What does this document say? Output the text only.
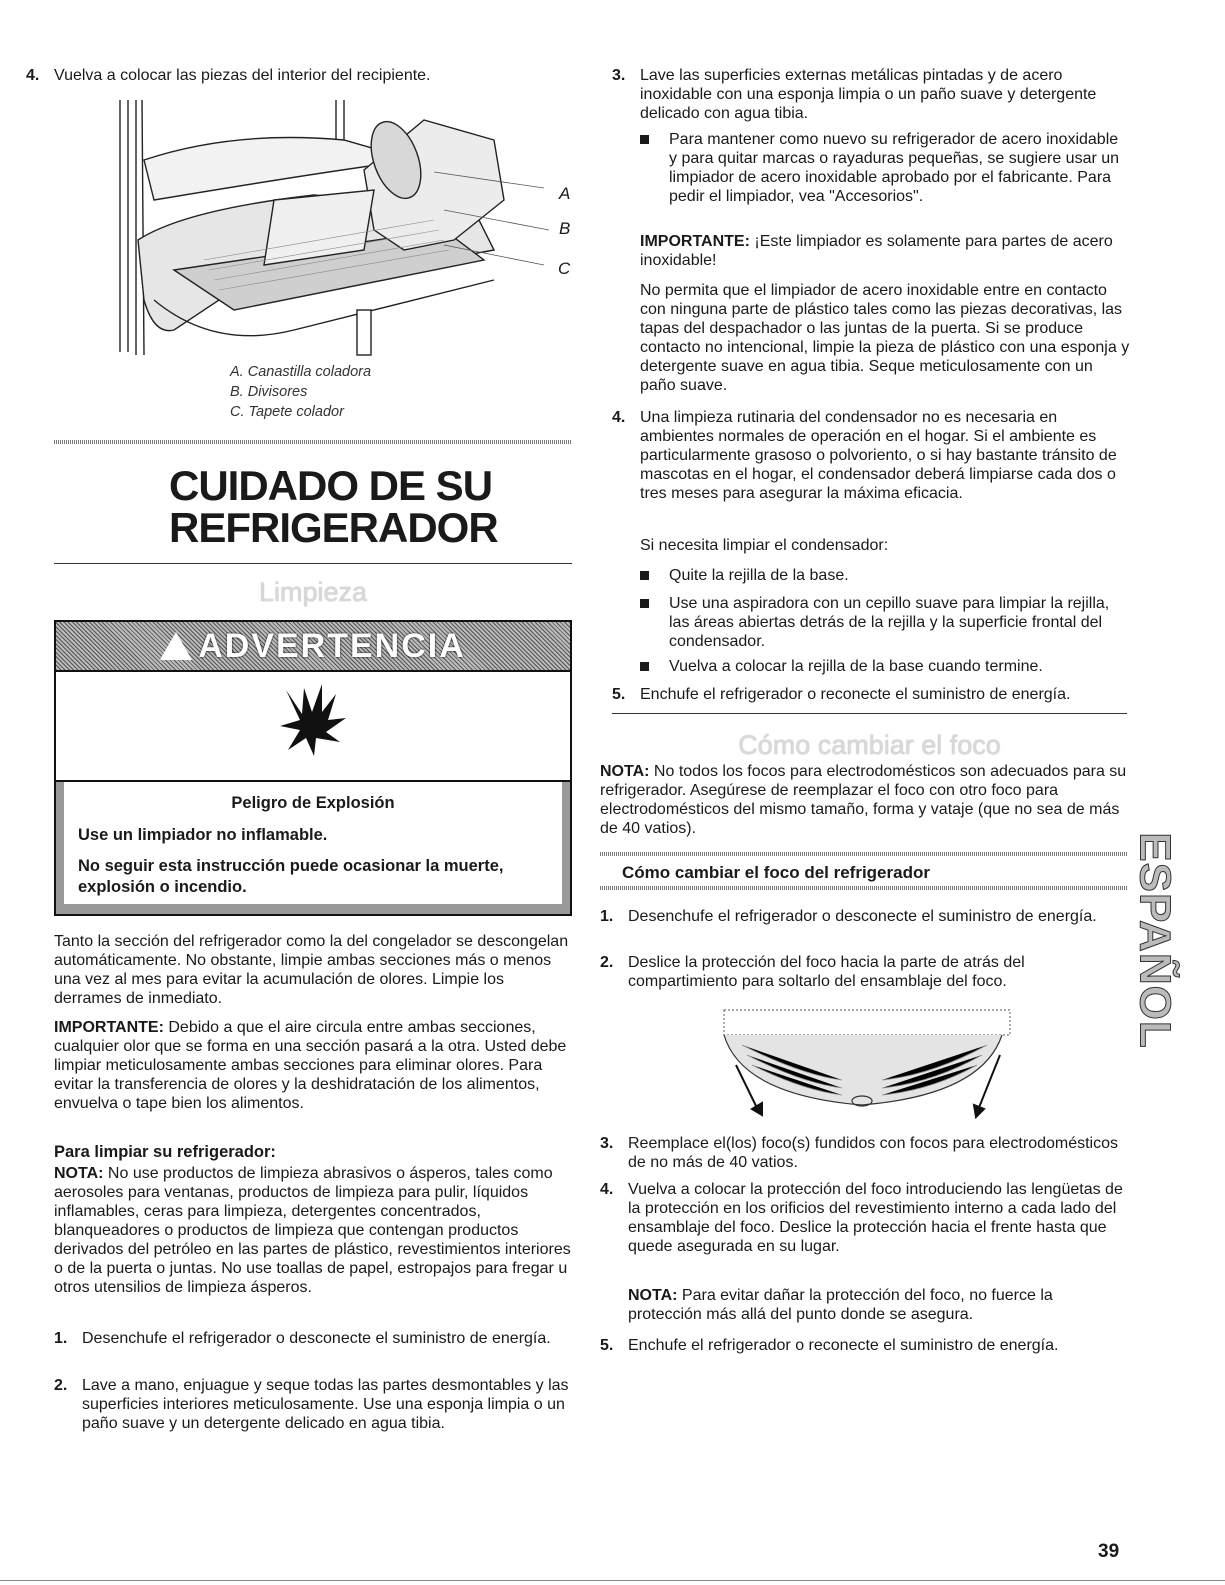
4. Vuelva a colocar las piezas del interior del recipiente.
A
B
C
A. Canastilla coladora
B. Divisores
C. Tapete colador
CUIDADO DE SU
REFRIGERADOR
Limpieza
ADVERTENCIA
Peligro de Explosión
Use un limpiador no inflamable.
No seguir esta instrucción puede ocasionar la muerte, explosión o incendio.

Tanto la sección del refrigerador como la del congelador se descongelan automáticamente. No obstante, limpie ambas secciones más o menos una vez al mes para evitar la acumulación de olores. Limpie los derrames de inmediato.

IMPORTANTE: Debido a que el aire circula entre ambas secciones, cualquier olor que se forma en una sección pasará a la otra. Usted debe limpiar meticulosamente ambas secciones para eliminar olores. Para evitar la transferencia de olores y la deshidratación de los alimentos, envuelva o tape bien los alimentos.

Para limpiar su refrigerador:

NOTA: No use productos de limpieza abrasivos o ásperos, tales como aerosoles para ventanas, productos de limpieza para pulir, líquidos inflamables, ceras para limpieza, detergentes concentrados, blanqueadores o productos de limpieza que contengan productos derivados del petróleo en las partes de plástico, revestimientos interiores o de la puerta o juntas. No use toallas de papel, estropajos para fregar u otros utensilios de limpieza ásperos.

1. Desenchufe el refrigerador o desconecte el suministro de energía.
2. Lave a mano, enjuague y seque todas las partes desmontables y las superficies interiores meticulosamente. Use una esponja limpia o un paño suave y un detergente delicado en agua tibia.
3. Lave las superficies externas metálicas pintadas y de acero inoxidable con una esponja limpia o un paño suave y detergente delicado con agua tibia.
Para mantener como nuevo su refrigerador de acero inoxidable y para quitar marcas o rayaduras pequeñas, se sugiere usar un limpiador de acero inoxidable aprobado por el fabricante. Para pedir el limpiador, vea "Accesorios".

IMPORTANTE: ¡Este limpiador es solamente para partes de acero inoxidable!

No permita que el limpiador de acero inoxidable entre en contacto con ninguna parte de plástico tales como las piezas decorativas, las tapas del despachador o las juntas de la puerta. Si se produce contacto no intencional, limpie la pieza de plástico con una esponja y detergente suave en agua tibia. Seque meticulosamente con un paño suave.

4. Una limpieza rutinaria del condensador no es necesaria en ambientes normales de operación en el hogar. Si el ambiente es particularmente grasoso o polvoriento, o si hay bastante tránsito de mascotas en el hogar, el condensador deberá limpiarse cada dos o tres meses para asegurar la máxima eficacia.

Si necesita limpiar el condensador:

Quite la rejilla de la base.
Use una aspiradora con un cepillo suave para limpiar la rejilla, las áreas abiertas detrás de la rejilla y la superficie frontal del condensador.
Vuelva a colocar la rejilla de la base cuando termine.
5. Enchufe el refrigerador o reconecte el suministro de energía.
Cómo cambiar el foco

NOTA: No todos los focos para electrodomésticos son adecuados para su refrigerador. Asegúrese de reemplazar el foco con otro foco para electrodomésticos del mismo tamaño, forma y vataje (que no sea de más de 40 vatios).

Cómo cambiar el foco del refrigerador
1. Desenchufe el refrigerador o desconecte el suministro de energía.
2. Deslice la protección del foco hacia la parte de atrás del compartimiento para soltarlo del ensamblaje del foco.
3. Reemplace el(los) foco(s) fundidos con focos para electrodomésticos de no más de 40 vatios.
4. Vuelva a colocar la protección del foco introduciendo las lengüetas de la protección en los orificios del revestimiento interno a cada lado del ensamblaje del foco. Deslice la protección hacia el frente hasta que quede asegurada en su lugar.

NOTA: Para evitar dañar la protección del foco, no fuerce la protección más allá del punto donde se asegura.

5. Enchufe el refrigerador o reconecte el suministro de energía.
ESPAÑOL
39
